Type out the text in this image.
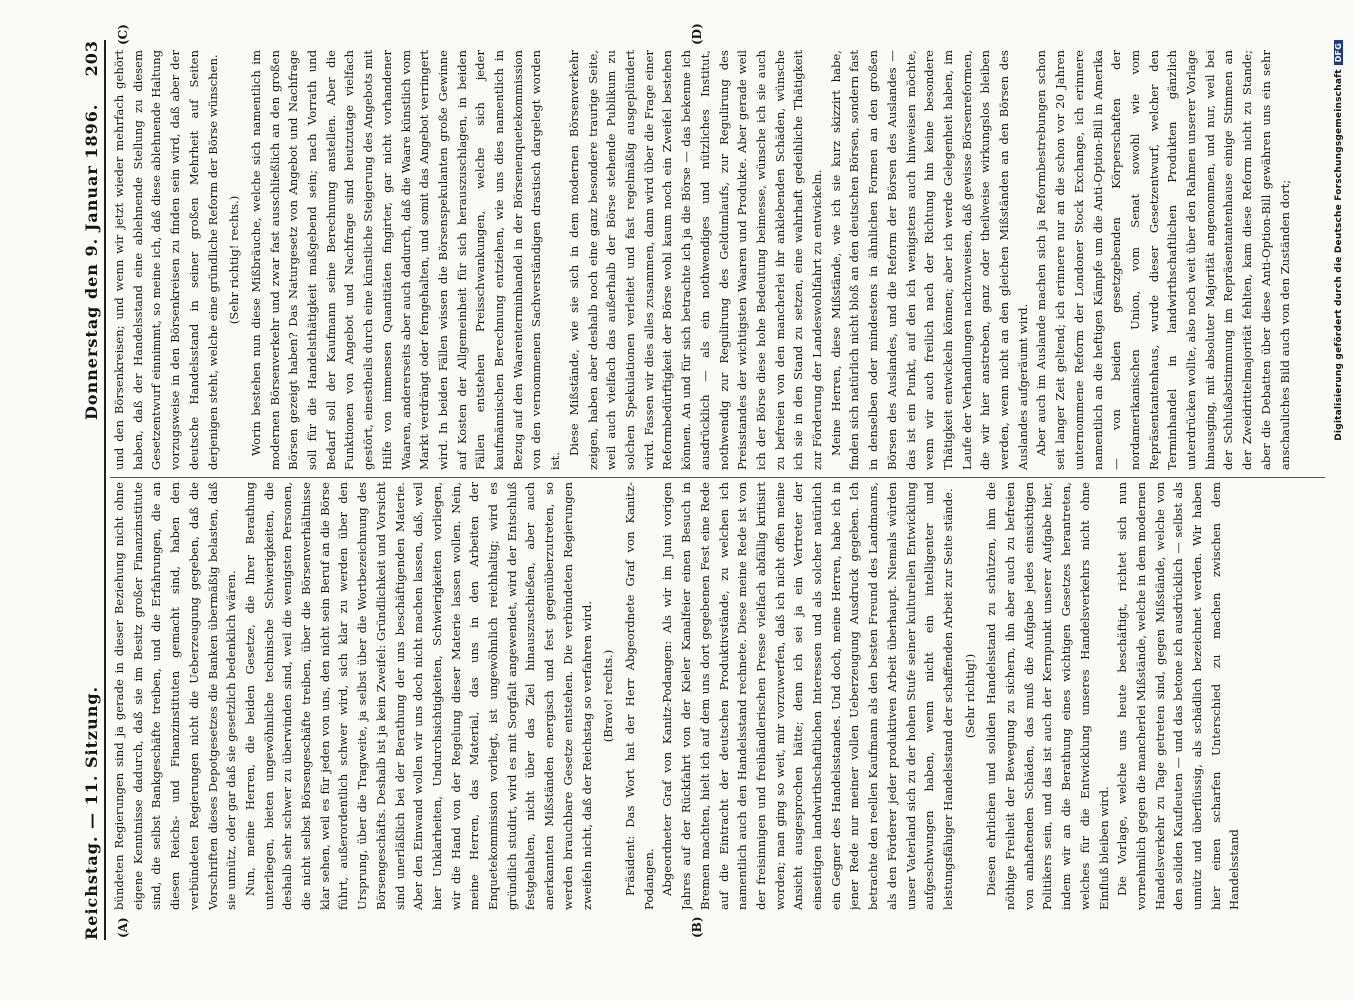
Reichstag. — 11. Sitzung.
Donnerstag den 9. Januar 1896.
203
(A)	(B)
(C)	(D)

bündeten Regierungen sind ja gerade in dieser Beziehung nicht ohne eigene Kenntnisse dadurch, daß sie im Besitz großer Finanzinstitute sind, die selbst Bankgeschäfte treiben, und die Erfahrungen, die an diesen Reichs- und Finanzinstituten gemacht sind, haben den verbündeten Regierungen nicht die Ueberzeugung gegeben, daß die Vorschriften dieses Depotgesetzes die Banken übermäßig belasten, daß sie unnütz, oder gar daß sie gesetzlich bedenklich wären. Nun, meine Herren, die beiden Gesetze, die Ihrer Berathung unterliegen, bieten ungewöhnliche technische Schwierigkeiten, die deshalb sehr schwer zu überwinden sind, weil die wenigsten Personen, die nicht selbst Börsengeschäfte treiben, über die Börsenverhältnisse klar sehen, weil es für jeden von uns, den nicht sein Beruf an die Börse führt, außerordentlich schwer wird, sich klar zu werden über den Ursprung, über die Tragweite, ja selbst über die Wortbezeichnung des Börsengeschäfts. Deshalb ist ja kein Zweifel: Gründlichkeit und Vorsicht sind unerläßlich bei der Berathung der uns beschäftigenden Materie. Aber den Einwand wollen wir uns doch nicht machen lassen, daß, weil hier Unklarheiten, Undurchsichtigkeiten, Schwierigkeiten vorliegen, wir die Hand von der Regelung dieser Materie lassen wollen. Nein, meine Herren, das Material, das uns in den Arbeiten der Enquetekommission vorliegt, ist ungewöhnlich reichhaltig; wird es gründlich studirt, wird es mit Sorgfalt angewendet, wird der Entschluß festgehalten, nicht über das Ziel hinauszuschießen, aber auch anerkannten Mißständen energisch und fest gegenüberzutreten, so werden brauchbare Gesetze entstehen. Die verbündeten Regierungen zweifeln nicht, daß der Reichstag so verfahren wird. (Bravo! rechts.) Präsident: Das Wort hat der Herr Abgeordnete Graf von Kanitz-Podangen. Abgeordneter Graf von Kanitz-Podangen: Als wir im Juni vorigen Jahres auf der Rückfahrt von der Kieler Kanalfeier einen Besuch in Bremen machten, hielt ich auf dem uns dort gegebenen Fest eine Rede auf die Eintracht der deutschen Produktivstände, zu welchen ich namentlich auch den Handelsstand rechnete. Diese meine Rede ist von der freisinnigen und freihändlerischen Presse vielfach abfällig kritisirt worden; man ging so weit, mir vorzuwerfen, daß ich nicht offen meine Ansicht ausgesprochen hätte; denn ich sei ja ein Vertreter der einseitigen landwirthschaftlichen Interessen und als solcher natürlich ein Gegner des Handelsstandes. Und doch, meine Herren, habe ich in jener Rede nur meiner vollen Ueberzeugung Ausdruck gegeben. Ich betrachte den reellen Kaufmann als den besten Freund des Landmanns, als den Förderer jeder produktiven Arbeit überhaupt. Niemals würden unser Vaterland sich zu der hohen Stufe seiner kulturellen Entwicklung aufgeschwungen haben, wenn nicht ein intelligenter und leistungsfähiger Handelsstand der schaffenden Arbeit zur Seite stände. (Sehr richtig!) Diesen ehrlichen und soliden Handelsstand zu schützen, ihm die nöthige Freiheit der Bewegung zu sichern, ihn aber auch zu befreien von anhaftenden Schäden, das muß die Aufgabe jedes einsichtigen Politikers sein, und das ist auch der Kernpunkt unserer Aufgabe hier, indem wir an die Berathung eines wichtigen Gesetzes herantreten, welches für die Entwicklung unseres Handelsverkehrs nicht ohne Einfluß bleiben wird. Die Vorlage, welche uns heute beschäftigt, richtet sich nun vornehmlich gegen die mancherlei Mißstände, welche in dem modernen Handelsverkehr zu Tage getreten sind, gegen Mißstände, welche von den soliden Kaufleuten — und das betone ich ausdrücklich — selbst als unnütz und überflüssig, als schädlich bezeichnet werden. Wir haben hier einen scharfen Unterschied zu machen zwischen dem Handelsstand

und den Börsenkreisen; und wenn wir jetzt wieder mehrfach gehört haben, daß der Handelsstand eine ablehnende Stellung zu diesem Gesetzentwurf einnimmt, so meine ich, daß diese ablehnende Haltung vorzugsweise in den Börsenkreisen zu finden sein wird, daß aber der deutsche Handelsstand in seiner großen Mehrheit auf Seiten derjenigen steht, welche eine gründliche Reform der Börse wünschen. (Sehr richtig! rechts.) Worin bestehen nun diese Mißbräuche, welche sich namentlich im modernen Börsenverkehr und zwar fast ausschließlich an den großen Börsen gezeigt haben? Das Naturgesetz von Angebot und Nachfrage soll für die Handelsthätigkeit maßgebend sein; nach Vorrath und Bedarf soll der Kaufmann seine Berechnung anstellen. Aber die Funktionen von Angebot und Nachfrage sind heutzutage vielfach gestört, einestheils durch eine künstliche Steigerung des Angebots mit Hilfe von immensen Quantitäten fingirter, gar nicht vorhandener Waaren, andererseits aber auch dadurch, daß die Waare künstlich vom Markt verdrängt oder ferngehalten, und somit das Angebot verringert wird. In beiden Fällen wissen die Börsenspekulanten große Gewinne auf Kosten der Allgemeinheit für sich herauszuschlagen, in beiden Fällen entstehen Preisschwankungen, welche sich jeder kaufmännischen Berechnung entziehen, wie uns dies namentlich in Bezug auf den Waarenterminhandel in der Börsenenquetekommission von den vernommenen Sachverständigen drastisch dargelegt worden ist.

Diese Mißstände, wie sie sich in dem modernen Börsenverkehr zeigen, haben aber deshalb noch eine ganz besondere traurige Seite, weil auch vielfach das außerhalb der Börse stehende Publikum zu solchen Spekulationen verleitet und fast regelmäßig ausgeplündert wird. Fassen wir dies alles zusammen, dann wird über die Frage einer Reformbedürftigkeit der Börse wohl kaum noch ein Zweifel bestehen können. An und für sich betrachte ich ja die Börse — das bekenne ich ausdrücklich — als ein nothwendiges und nützliches Institut, nothwendig zur Regulirung des Geldumlaufs, zur Regulirung des Preisstandes der wichtigsten Waaren und Produkte. Aber gerade weil ich der Börse diese hohe Bedeutung beimesse, wünsche ich sie auch zu befreien von den mancherlei ihr anklebenden Schäden, wünsche ich sie in den Stand zu setzen, eine wahrhaft gedeihliche Thätigkeit zur Förderung der Landeswohlfahrt zu entwickeln. Meine Herren, diese Mißstände, wie ich sie kurz skizzirt habe, finden sich natürlich nicht bloß an den deutschen Börsen, sondern fast in denselben oder mindestens in ähnlichen Formen an den großen Börsen des Auslandes, und die Reform der Börsen des Auslandes — das ist ein Punkt, auf den ich wenigstens auch hinweisen möchte, wenn wir auch freilich nach der Richtung hin keine besondere Thätigkeit entwickeln können; aber ich werde Gelegenheit haben, im Laufe der Verhandlungen nachzuweisen, daß gewisse Börsenreformen, die wir hier anstreben, ganz oder theilweise wirkungslos bleiben werden, wenn nicht an den gleichen Mißständen an den Börsen des Auslandes aufgeräumt wird. Aber auch im Auslande machen sich ja Reformbestrebungen schon seit langer Zeit geltend; ich erinnere nur an die schon vor 20 Jahren unternommene Reform der Londoner Stock Exchange, ich erinnere namentlich an die heftigen Kämpfe um die Anti-Option-Bill in Amerika — von beiden gesetzgebenden Körperschaften der nordamerikanischen Union, vom Senat sowohl wie vom Repräsentantenhaus, wurde dieser Gesetzentwurf, welcher den Terminhandel in landwirthschaftlichen Produkten gänzlich unterdrücken wollte, also noch weit über den Rahmen unserer Vorlage hinausging, mit absoluter Majorität angenommen, und nur, weil bei der Schlußabstimmung im Repräsentantenhause einige Stimmen an der Zweidrittelmajorität fehlten, kam diese Reform nicht zu Stande; aber die Debatten über diese Anti-Option-Bill gewähren uns ein sehr anschauliches Bild auch von den Zuständen dort;	Digitalisierung gefördert durch die Deutsche ForschungsgemeinschaftDFG
